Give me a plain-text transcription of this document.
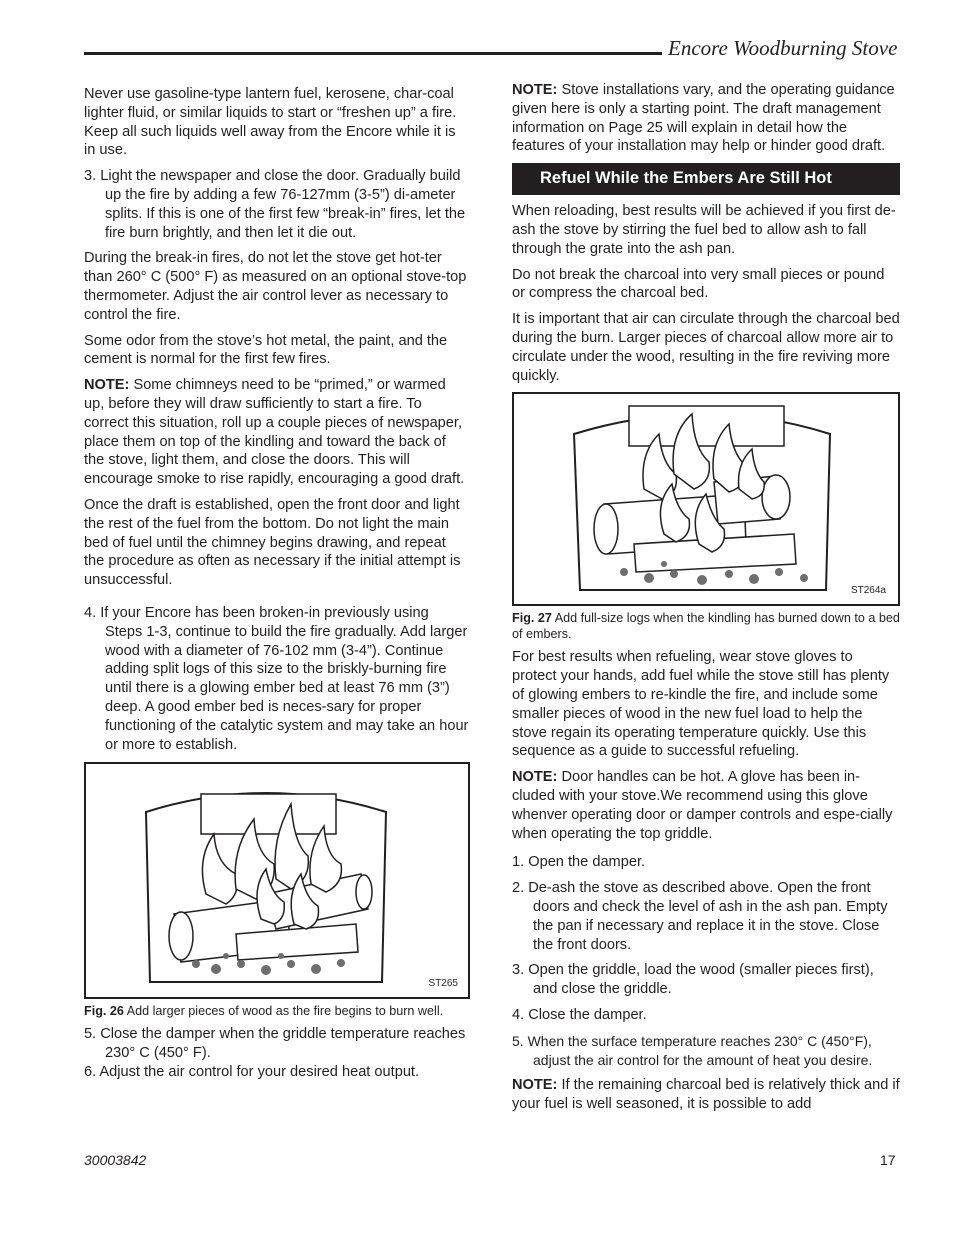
Encore Woodburning Stove

Never use gasoline-type lantern fuel, kerosene, char-coal lighter fluid, or similar liquids to start or “freshen up” a fire. Keep all such liquids well away from the Encore while it is in use.

3. Light the newspaper and close the door. Gradually build up the fire by adding a few 76-127mm (3-5”) di-ameter splits. If this is one of the first few “break-in” fires, let the fire burn brightly, and then let it die out.

During the break-in fires, do not let the stove get hot-ter than 260° C (500° F) as measured on an optional stove-top thermometer. Adjust the air control lever as necessary to control the fire.

Some odor from the stove’s hot metal, the paint, and the cement is normal for the first few fires.

NOTE: Some chimneys need to be “primed,” or warmed up, before they will draw sufficiently to start a fire. To correct this situation, roll up a couple pieces of newspaper, place them on top of the kindling and toward the back of the stove, light them, and close the doors. This will encourage smoke to rise rapidly, encouraging a good draft.

Once the draft is established, open the front door and light the rest of the fuel from the bottom. Do not light the main bed of fuel until the chimney begins drawing, and repeat the procedure as often as necessary if the initial attempt is unsuccessful.

4. If your Encore has been broken-in previously using Steps 1-3, continue to build the fire gradually. Add larger wood with a diameter of 76-102 mm (3-4”). Continue adding split logs of this size to the briskly-burning fire until there is a glowing ember bed at least 76 mm (3”) deep. A good ember bed is neces-sary for proper functioning of the catalytic system and may take an hour or more to establish.
ST265

Fig. 26 Add larger pieces of wood as the fire begins to burn well.

5. Close the damper when the griddle temperature reaches 230° C (450° F).
6. Adjust the air control for your desired heat output.

NOTE: Stove installations vary, and the operating guidance given here is only a starting point. The draft management information on Page 25 will explain in detail how the features of your installation may help or hinder good draft.

Refuel While the Embers Are Still Hot

When reloading, best results will be achieved if you first de-ash the stove by stirring the fuel bed to allow ash to fall through the grate into the ash pan.

Do not break the charcoal into very small pieces or pound or compress the charcoal bed.

It is important that air can circulate through the charcoal bed during the burn. Larger pieces of charcoal allow more air to circulate under the wood, resulting in the fire reviving more quickly.

ST264a

Fig. 27 Add full-size logs when the kindling has burned down to a bed of embers.

For best results when refueling, wear stove gloves to protect your hands, add fuel while the stove still has plenty of glowing embers to re-kindle the fire, and include some smaller pieces of wood in the new fuel load to help the stove regain its operating temperature quickly. Use this sequence as a guide to successful refueling.

NOTE: Door handles can be hot. A glove has been in-cluded with your stove.We recommend using this glove whenver operating door or damper controls and espe-cially when operating the top griddle.

1. Open the damper.
2. De-ash the stove as described above. Open the front doors and check the level of ash in the ash pan. Empty the pan if necessary and replace it in the stove. Close the front doors.
3. Open the griddle, load the wood (smaller pieces first), and close the griddle.
4. Close the damper.
5. When the surface temperature reaches 230° C (450°F), adjust the air control for the amount of heat you desire.

NOTE: If the remaining charcoal bed is relatively thick and if your fuel is well seasoned, it is possible to add

30003842	17
